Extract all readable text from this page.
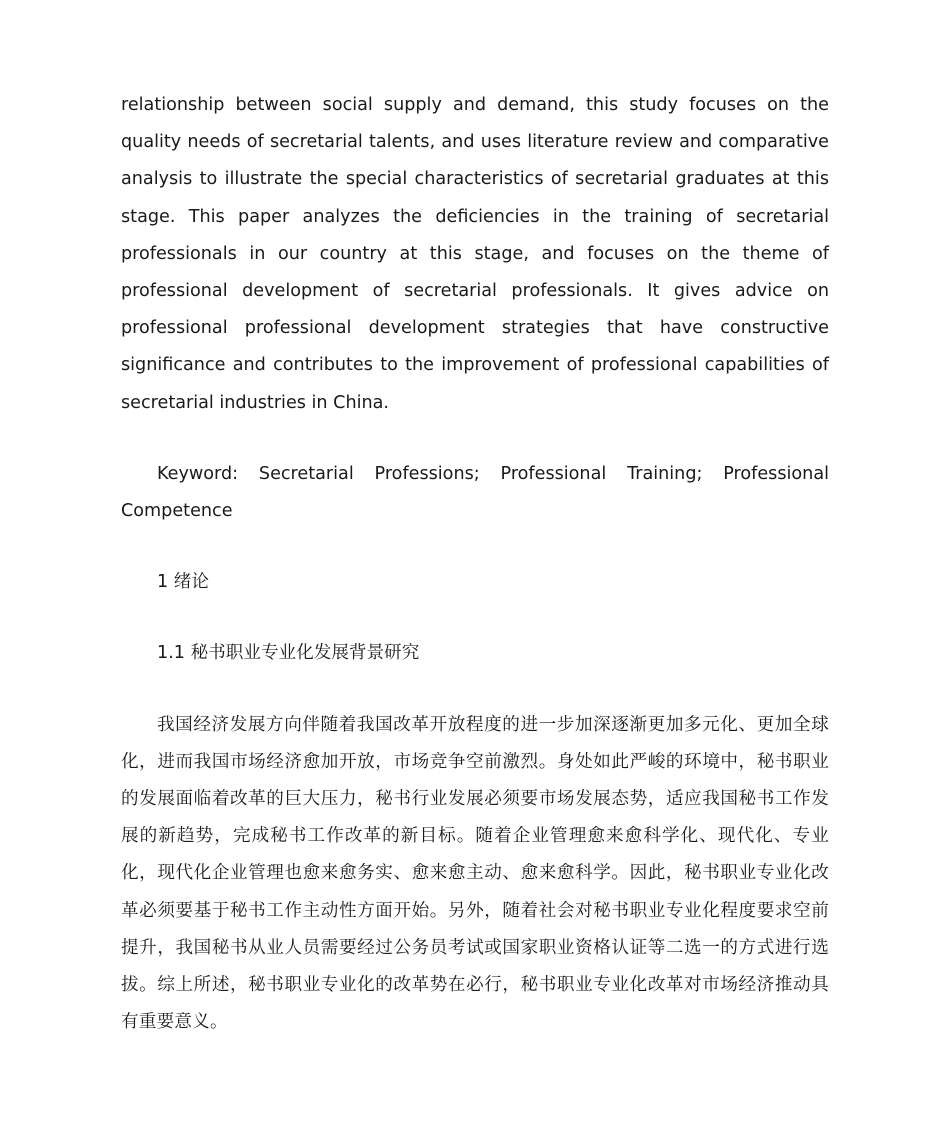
relationship between social supply and demand, this study focuses on the quality needs of secretarial talents, and uses literature review and comparative analysis to illustrate the special characteristics of secretarial graduates at this stage. This paper analyzes the deficiencies in the training of secretarial professionals in our country at this stage, and focuses on the theme of professional development of secretarial professionals. It gives advice on professional professional development strategies that have constructive significance and contributes to the improvement of professional capabilities of secretarial industries in China.

Keyword: Secretarial Professions; Professional Training; Professional Competence

1 绪论
1.1 秘书职业专业化发展背景研究

我国经济发展方向伴随着我国改革开放程度的进一步加深逐渐更加多元化、更加全球化，进而我国市场经济愈加开放，市场竞争空前激烈。身处如此严峻的环境中，秘书职业的发展面临着改革的巨大压力，秘书行业发展必须要市场发展态势，适应我国秘书工作发展的新趋势，完成秘书工作改革的新目标。随着企业管理愈来愈科学化、现代化、专业化，现代化企业管理也愈来愈务实、愈来愈主动、愈来愈科学。因此，秘书职业专业化改革必须要基于秘书工作主动性方面开始。另外，随着社会对秘书职业专业化程度要求空前提升，我国秘书从业人员需要经过公务员考试或国家职业资格认证等二选一的方式进行选拔。综上所述，秘书职业专业化的改革势在必行，秘书职业专业化改革对市场经济推动具有重要意义。
